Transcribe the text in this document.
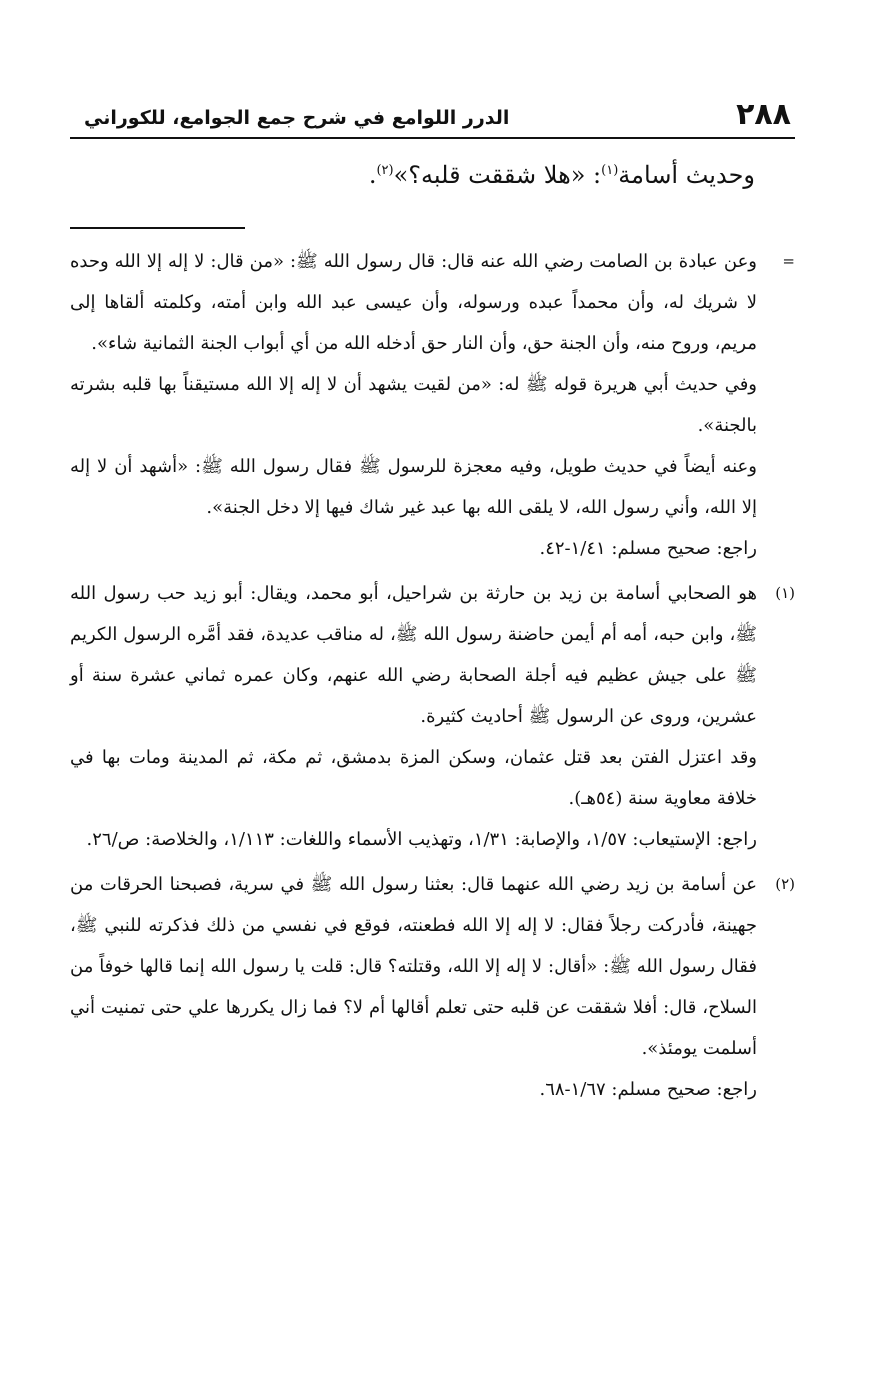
٢٨٨
الدرر اللوامع في شرح جمع الجوامع، للكوراني
وحديث أسامة$^{(١)}$: «هلا شققت قلبه؟»$^{(٢)}$.
=

وعن عبادة بن الصامت رضي الله عنه قال: قال رسول الله ﷺ: «من قال: لا إله إلا الله وحده لا شريك له، وأن محمداً عبده ورسوله، وأن عيسى عبد الله وابن أمته، وكلمته ألقاها إلى مريم، وروح منه، وأن الجنة حق، وأن النار حق أدخله الله من أي أبواب الجنة الثمانية شاء».

وفي حديث أبي هريرة قوله ﷺ له: «من لقيت يشهد أن لا إله إلا الله مستيقناً بها قلبه بشرته بالجنة».

وعنه أيضاً في حديث طويل، وفيه معجزة للرسول ﷺ فقال رسول الله ﷺ: «أشهد أن لا إله إلا الله، وأني رسول الله، لا يلقى الله بها عبد غير شاك فيها إلا دخل الجنة».

راجع: صحيح مسلم: ١/٤١-٤٢.

(١)

هو الصحابي أسامة بن زيد بن حارثة بن شراحيل، أبو محمد، ويقال: أبو زيد حب رسول الله ﷺ، وابن حبه، أمه أم أيمن حاضنة رسول الله ﷺ، له مناقب عديدة، فقد أمَّره الرسول الكريم ﷺ على جيش عظيم فيه أجلة الصحابة رضي الله عنهم، وكان عمره ثماني عشرة سنة أو عشرين، وروى عن الرسول ﷺ أحاديث كثيرة.

وقد اعتزل الفتن بعد قتل عثمان، وسكن المزة بدمشق، ثم مكة، ثم المدينة ومات بها في خلافة معاوية سنة (٥٤هـ).

راجع: الإستيعاب: ١/٥٧، والإصابة: ١/٣١، وتهذيب الأسماء واللغات: ١/١١٣، والخلاصة: ص/٢٦.

(٢)

عن أسامة بن زيد رضي الله عنهما قال: بعثنا رسول الله ﷺ في سرية، فصبحنا الحرقات من جهينة، فأدركت رجلاً فقال: لا إله إلا الله فطعنته، فوقع في نفسي من ذلك فذكرته للنبي ﷺ، فقال رسول الله ﷺ: «أقال: لا إله إلا الله، وقتلته؟ قال: قلت يا رسول الله إنما قالها خوفاً من السلاح، قال: أفلا شققت عن قلبه حتى تعلم أقالها أم لا؟ فما زال يكررها علي حتى تمنيت أني أسلمت يومئذ».

راجع: صحيح مسلم: ١/٦٧-٦٨.
